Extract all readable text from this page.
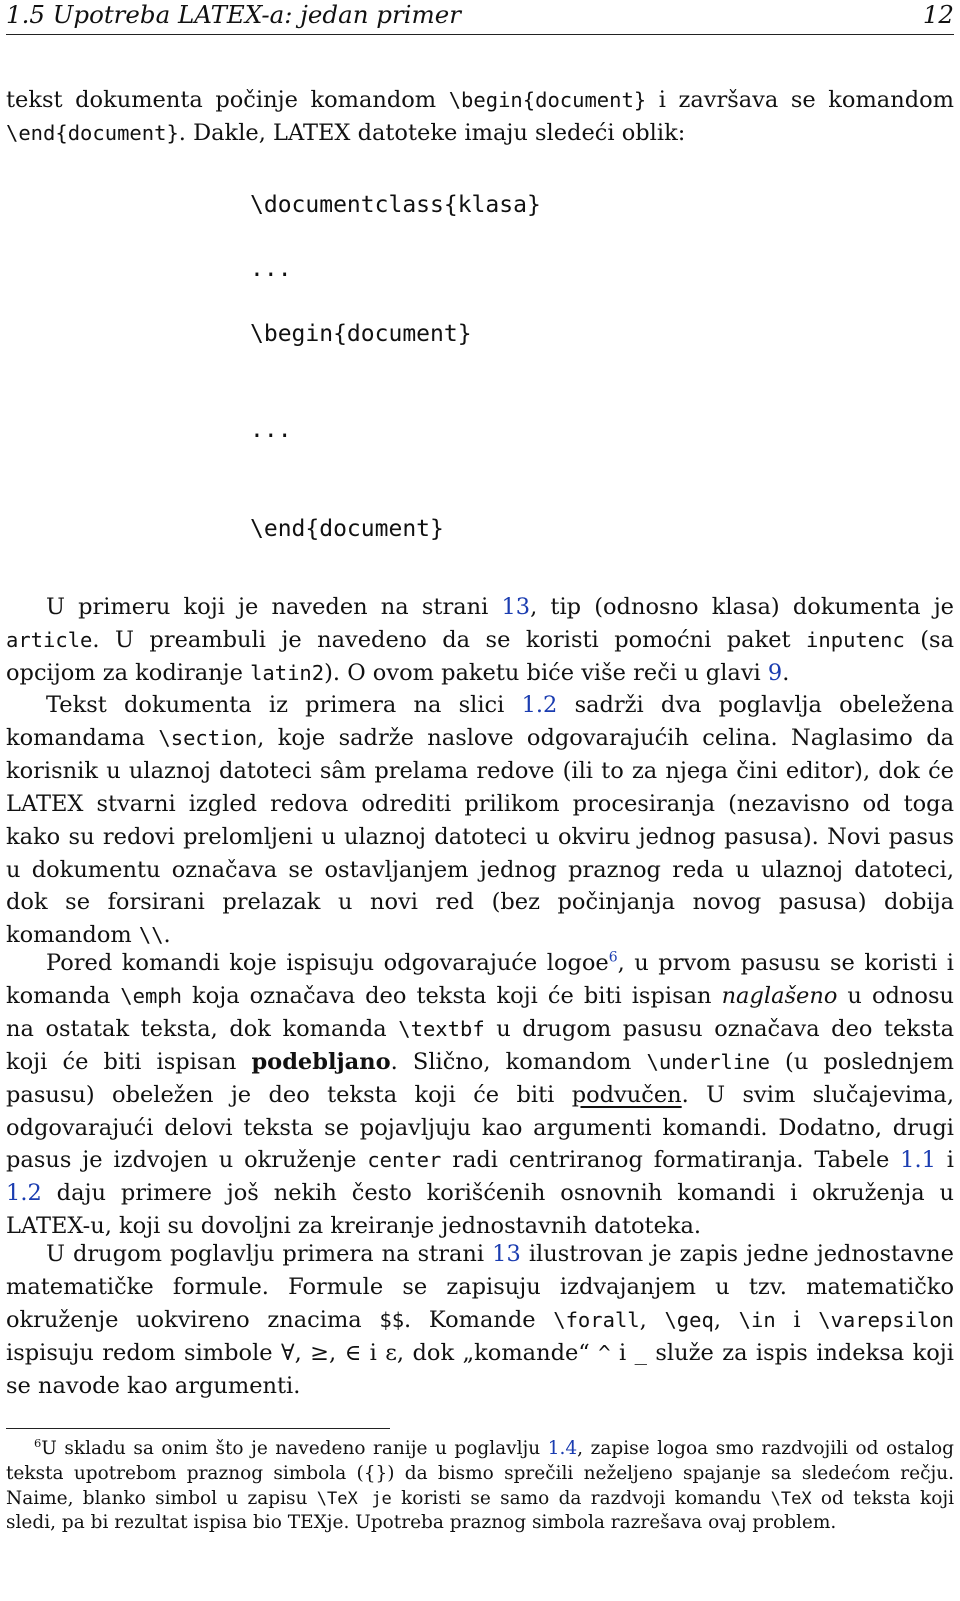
1.5 Upotreba LATEX-a: jedan primer	12

tekst dokumenta počinje komandom \begin{document} i završava se komandom \end{document}. Dakle, LATEX datoteke imaju sledeći oblik:

\documentclass{klasa}
...
\begin{document}
...
\end{document}

U primeru koji je naveden na strani 13, tip (odnosno klasa) dokumenta je article. U preambuli je navedeno da se koristi pomoćni paket inputenc (sa opcijom za kodiranje latin2). O ovom paketu biće više reči u glavi 9.

Tekst dokumenta iz primera na slici 1.2 sadrži dva poglavlja obeležena komandama \section, koje sadrže naslove odgovarajućih celina. Naglasimo da korisnik u ulaznoj datoteci sâm prelama redove (ili to za njega čini editor), dok će LATEX stvarni izgled redova odrediti prilikom procesiranja (nezavisno od toga kako su redovi prelomljeni u ulaznoj datoteci u okviru jednog pasusa). Novi pasus u dokumentu označava se ostavljanjem jednog praznog reda u ulaznoj datoteci, dok se forsirani prelazak u novi red (bez počinjanja novog pasusa) dobija komandom \\.

Pored komandi koje ispisuju odgovarajuće logoe$^6$, u prvom pasusu se koristi i komanda \emph koja označava deo teksta koji će biti ispisan naglašeno u odnosu na ostatak teksta, dok komanda \textbf u drugom pasusu označava deo teksta koji će biti ispisan podebljano. Slično, komandom \underline (u poslednjem pasusu) obeležen je deo teksta koji će biti podvučen. U svim slučajevima, odgovarajući delovi teksta se pojavljuju kao argumenti komandi. Dodatno, drugi pasus je izdvojen u okruženje center radi centriranog formatiranja. Tabele 1.1 i 1.2 daju primere još nekih često korišćenih osnovnih komandi i okruženja u LATEX-u, koji su dovoljni za kreiranje jednostavnih datoteka.

U drugom poglavlju primera na strani 13 ilustrovan je zapis jedne jednostavne matematičke formule. Formule se zapisuju izdvajanjem u tzv. matematičko okruženje uokvireno znacima $$. Komande \forall, \geq, \in i \varepsilon ispisuju redom simbole ∀, ≥, ∈ i ε, dok „komande“ ^ i _ služe za ispis indeksa koji se navode kao argumenti.

$^6$U skladu sa onim što je navedeno ranije u poglavlju 1.4, zapise logoa smo razdvojili od ostalog teksta upotrebom praznog simbola ({}) da bismo sprečili neželjeno spajanje sa sledećom rečju. Naime, blanko simbol u zapisu \TeX je koristi se samo da razdvoji komandu \TeX od teksta koji sledi, pa bi rezultat ispisa bio TEXje. Upotreba praznog simbola razrešava ovaj problem.
